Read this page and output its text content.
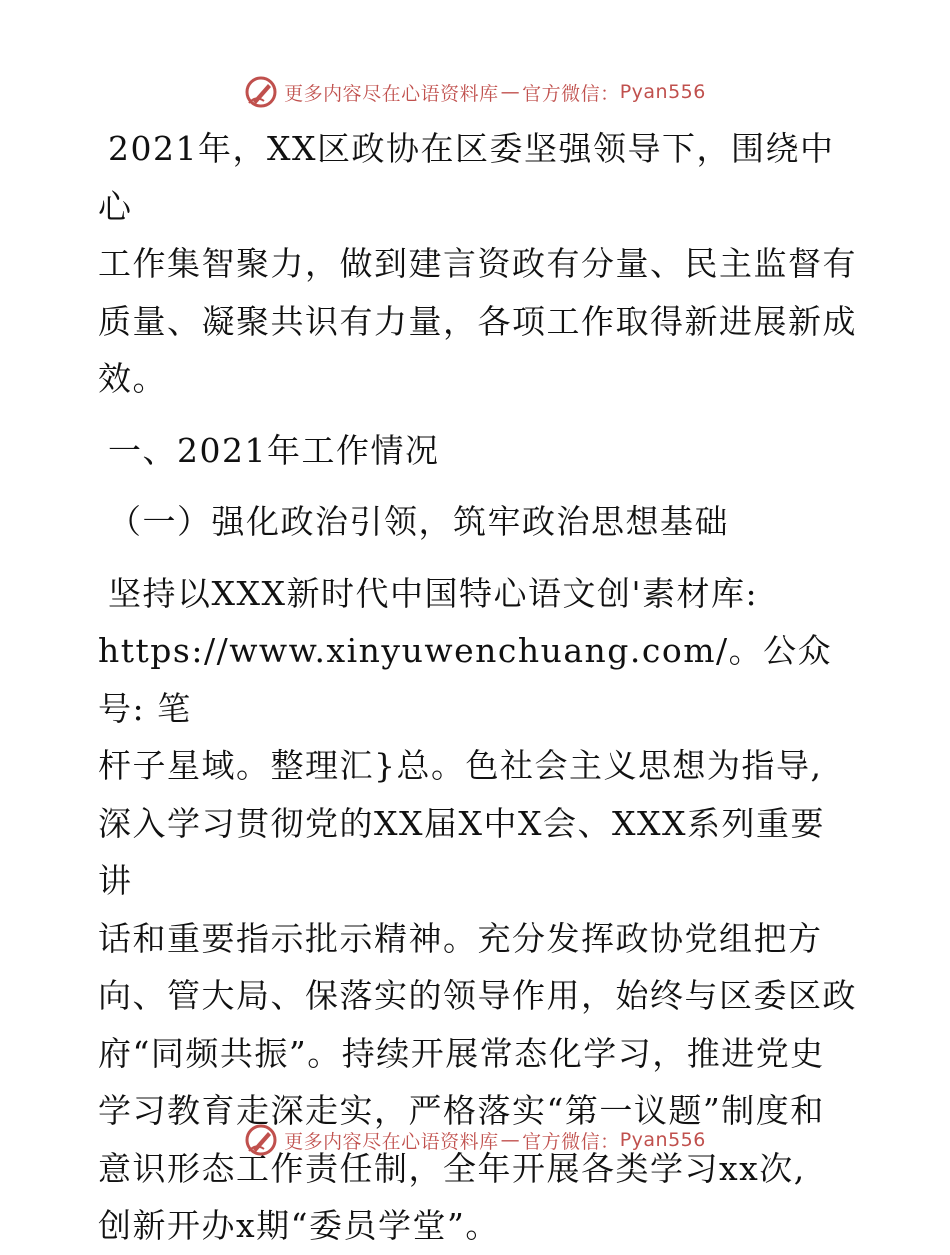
更多内容尽在心语资料库 — 官方微信： Pyan556

2021年，XX区政协在区委坚强领导下，围绕中心

工作集智聚力，做到建言资政有分量、民主监督有

质量、凝聚共识有力量，各项工作取得新进展新成

效。

一、2021年工作情况

（一）强化政治引领，筑牢政治思想基础

坚持以XXX新时代中国特心语文创'素材库:

https://www.xinyuwenchuang.com/。公众号: 笔

杆子星域。整理汇}总。色社会主义思想为指导,

深入学习贯彻党的XX届X中X会、XXX系列重要讲

话和重要指示批示精神。充分发挥政协党组把方

向、管大局、保落实的领导作用，始终与区委区政

府“同频共振”。持续开展常态化学习，推进党史

学习教育走深走实，严格落实“第一议题”制度和

意识形态工作责任制，全年开展各类学习xx次,

创新开办x期“委员学堂”。

更多内容尽在心语资料库 — 官方微信： Pyan556
